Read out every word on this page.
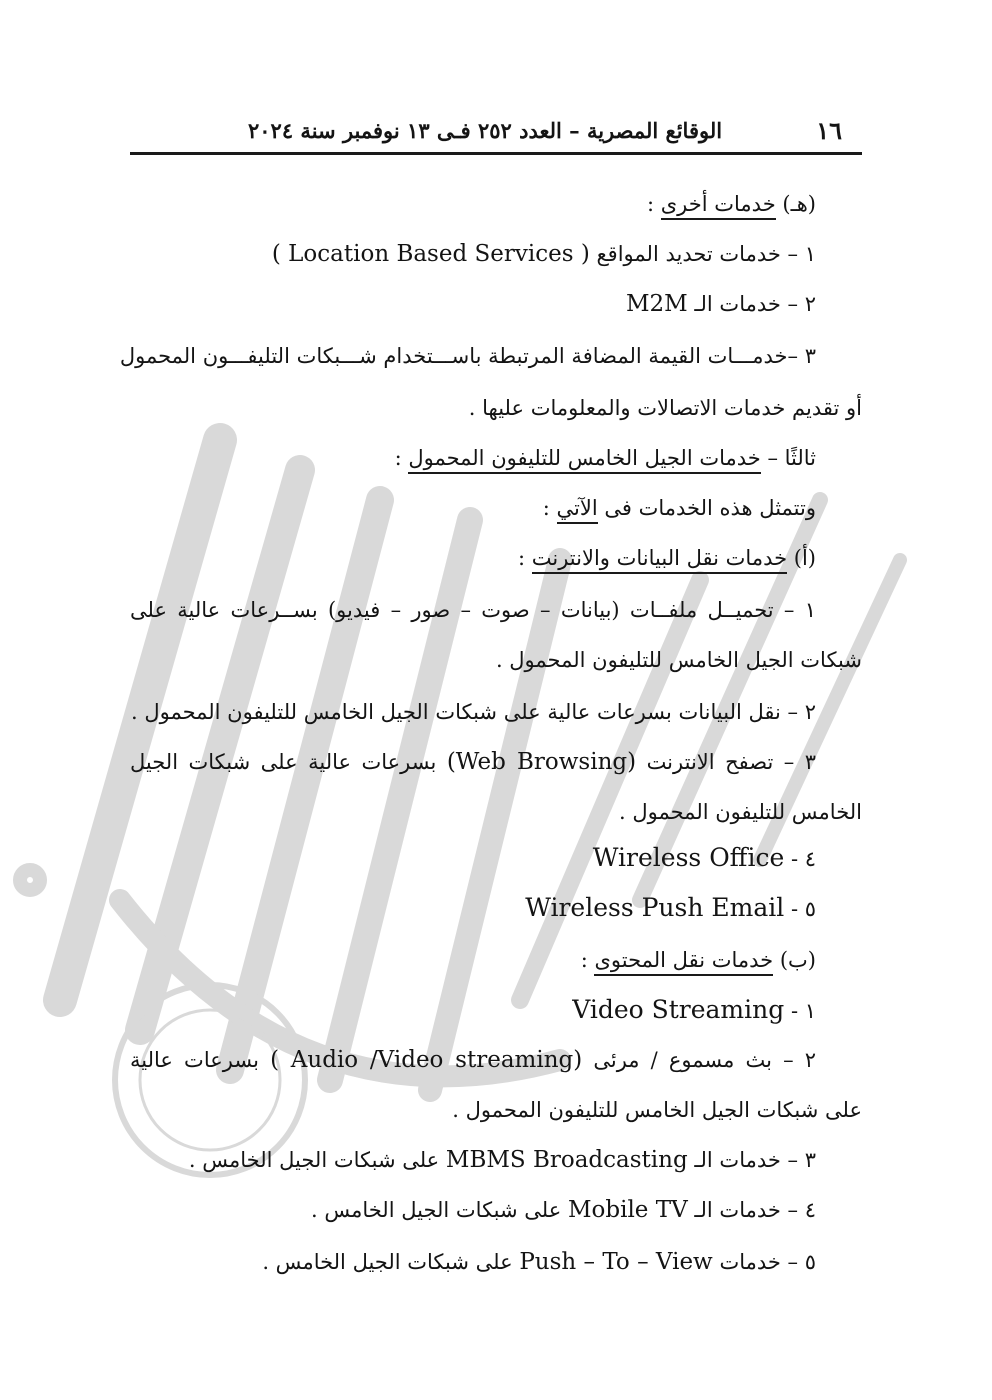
١٦
الوقائع المصرية – العدد ٢٥٢ فـى ١٣ نوفمبر سنة ٢٠٢٤
(هـ) خدمات أخرى :
١ – خدمات تحديد المواقع ( Location Based Services )
٢ – خدمات الـ M2M
٣ –خدمـــات القيمة المضافة المرتبطة باســـتخدام شـــبكات التليفـــون المحمول
أو تقديم خدمات الاتصالات والمعلومات عليها .
ثالثًا – خدمات الجيل الخامس للتليفون المحمول :
وتتمثل هذه الخدمات فى الآتي :
(أ) خدمات نقل البيانات والانترنت :
١ – تحميــل ملفــات (بيانات – صوت – صور – فيديو) بســرعات عالية على
شبكات الجيل الخامس للتليفون المحمول .
٢ – نقل البيانات بسرعات عالية على شبكات الجيل الخامس للتليفون المحمول .
٣ – تصفح الانترنت (Web Browsing) بسرعات عالية على شبكات الجيل
الخامس للتليفون المحمول .
٤ - Wireless Office
٥ - Wireless Push Email
(ب) خدمات نقل المحتوى :
١ - Video Streaming
٢ – بث مسموع / مرئى ( Audio /Video streaming) بسرعات عالية
على شبكات الجيل الخامس للتليفون المحمول .
٣ – خدمات الـ MBMS Broadcasting على شبكات الجيل الخامس .
٤ – خدمات الـ Mobile TV على شبكات الجيل الخامس .
٥ – خدمات Push – To – View على شبكات الجيل الخامس .
